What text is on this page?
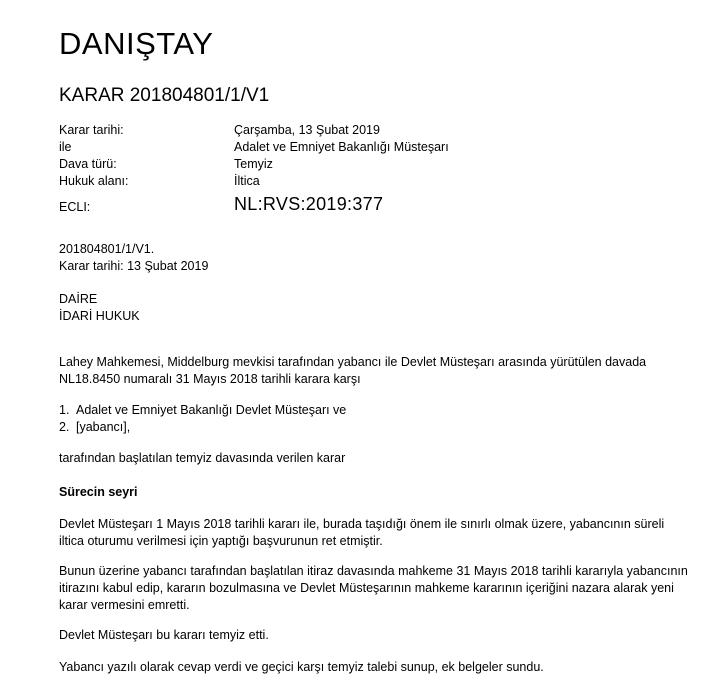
DANIŞTAY
KARAR 201804801/1/V1
Karar tarihi:	Çarşamba, 13 Şubat 2019
ile	Adalet ve Emniyet Bakanlığı Müsteşarı
Dava türü:	Temyiz
Hukuk alanı:	İltica
ECLI:	NL:RVS:2019:377

201804801/1/V1.

Karar tarihi: 13 Şubat 2019

DAİRE

İDARİ HUKUK

Lahey Mahkemesi, Middelburg mevkisi tarafından yabancı ile Devlet Müsteşarı arasında yürütülen davada

NL18.8450 numaralı 31 Mayıs 2018 tarihli karara karşı

1. Adalet ve Emniyet Bakanlığı Devlet Müsteşarı ve
2. [yabancı],

tarafından başlatılan temyiz davasında verilen karar

Sürecin seyri

Devlet Müsteşarı 1 Mayıs 2018 tarihli kararı ile, burada taşıdığı önem ile sınırlı olmak üzere, yabancının süreli

iltica oturumu verilmesi için yaptığı başvurunun ret etmiştir.

Bunun üzerine yabancı tarafından başlatılan itiraz davasında mahkeme 31 Mayıs 2018 tarihli kararıyla yabancının

itirazını kabul edip, kararın bozulmasına ve Devlet Müsteşarının mahkeme kararının içeriğini nazara alarak yeni

karar vermesini emretti.

Devlet Müsteşarı bu kararı temyiz etti.

Yabancı yazılı olarak cevap verdi ve geçici karşı temyiz talebi sunup, ek belgeler sundu.
